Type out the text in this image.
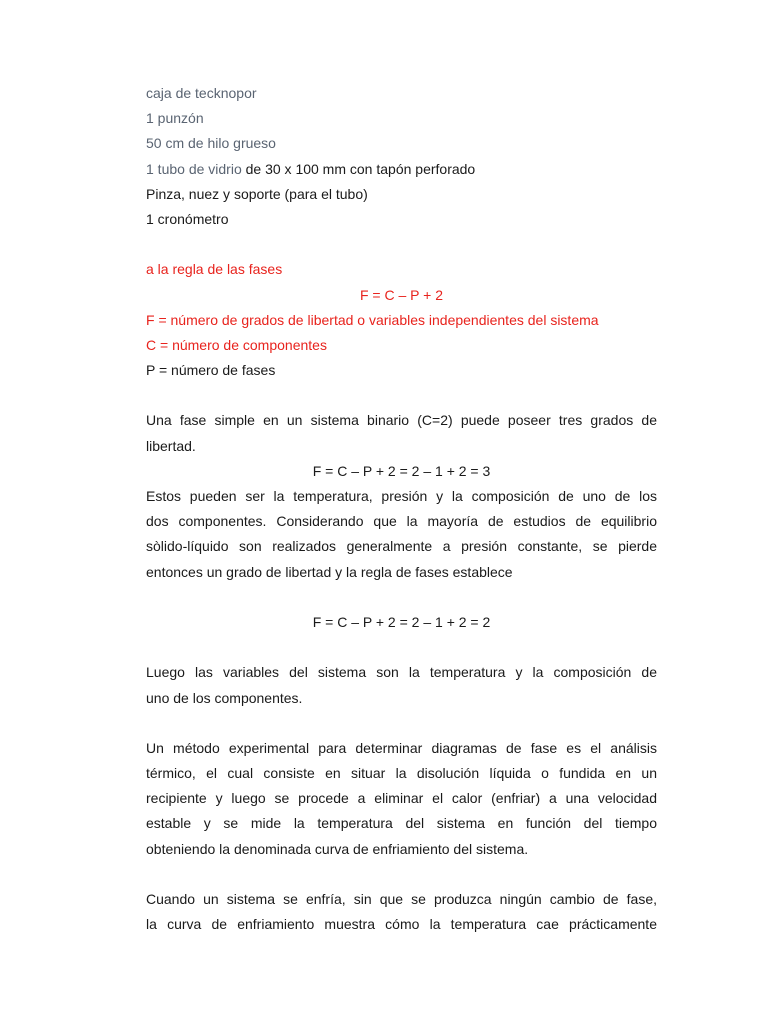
caja de tecknopor
1 punzón
50 cm de hilo grueso
1 tubo de vidrio de 30 x 100 mm con tapón perforado
Pinza, nuez y soporte (para el tubo)
1 cronómetro
a la regla de las fases
F = C – P + 2
F = número de grados de libertad o variables independientes del sistema
C = número de componentes
P = número de fases
Una fase simple en un sistema binario (C=2) puede poseer tres grados de
libertad.
F = C – P + 2 = 2 – 1 + 2 = 3
Estos pueden ser la temperatura, presión y la composición de uno de los
dos componentes. Considerando que la mayoría de estudios de equilibrio
sòlido-líquido son realizados generalmente a presión constante, se pierde
entonces un grado de libertad y la regla de fases establece
F = C – P + 2 = 2 – 1 + 2 = 2
Luego las variables del sistema son la temperatura y la composición de
uno de los componentes.
Un método experimental para determinar diagramas de fase es el análisis
térmico, el cual consiste en situar la disolución líquida o fundida en un
recipiente y luego se procede a eliminar el calor (enfriar) a una velocidad
estable y se mide la temperatura del sistema en función del tiempo
obteniendo la denominada curva de enfriamiento del sistema.
Cuando un sistema se enfría, sin que se produzca ningún cambio de fase,
la curva de enfriamiento muestra cómo la temperatura cae prácticamente
